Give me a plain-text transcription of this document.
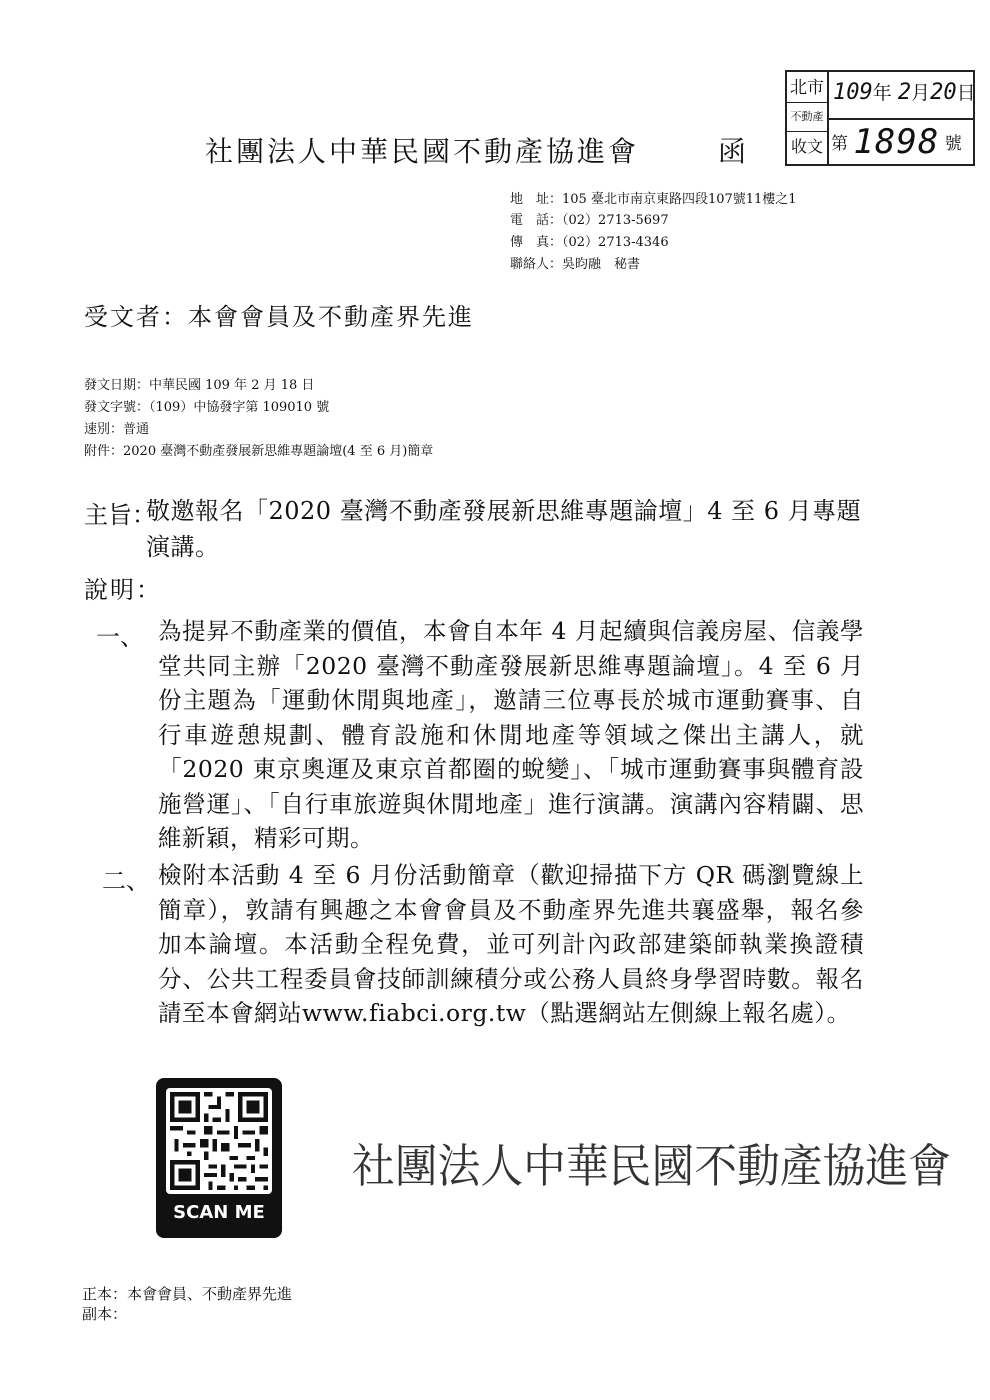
北市
不動產
收文
109年 2月20日
第 1898 號
社團法人中華民國不動產協進會	函
地　址：105 臺北市南京東路四段107號11樓之1
電　話：（02）2713-5697
傳　真：（02）2713-4346
聯絡人：吳昀融　秘書
受文者：本會會員及不動產界先進
發文日期：中華民國 109 年 2 月 18 日
發文字號：（109）中協發字第 109010 號
速別：普通
附件：2020 臺灣不動產發展新思維專題論壇(4 至 6 月)簡章
主旨：
敬邀報名「2020 臺灣不動產發展新思維專題論壇」4 至 6 月專題演講。
說明：
一、 為提昇不動產業的價值，本會自本年 4 月起續與信義房屋、信義學堂共同主辦「2020 臺灣不動產發展新思維專題論壇」。4 至 6 月份主題為「運動休閒與地產」，邀請三位專長於城市運動賽事、自行車遊憩規劃、體育設施和休閒地產等領域之傑出主講人，就「2020 東京奧運及東京首都圈的蛻變」、「城市運動賽事與體育設施營運」、「自行車旅遊與休閒地產」進行演講。演講內容精闢、思維新穎，精彩可期。
二、 檢附本活動 4 至 6 月份活動簡章（歡迎掃描下方 QR 碼瀏覽線上簡章），敦請有興趣之本會會員及不動產界先進共襄盛舉，報名參加本論壇。本活動全程免費，並可列計內政部建築師執業換證積分、公共工程委員會技師訓練積分或公務人員終身學習時數。報名請至本會網站www.fiabci.org.tw（點選網站左側線上報名處）。
SCAN ME
社團法人中華民國不動產協進會
正本：本會會員、不動產界先進
副本：
